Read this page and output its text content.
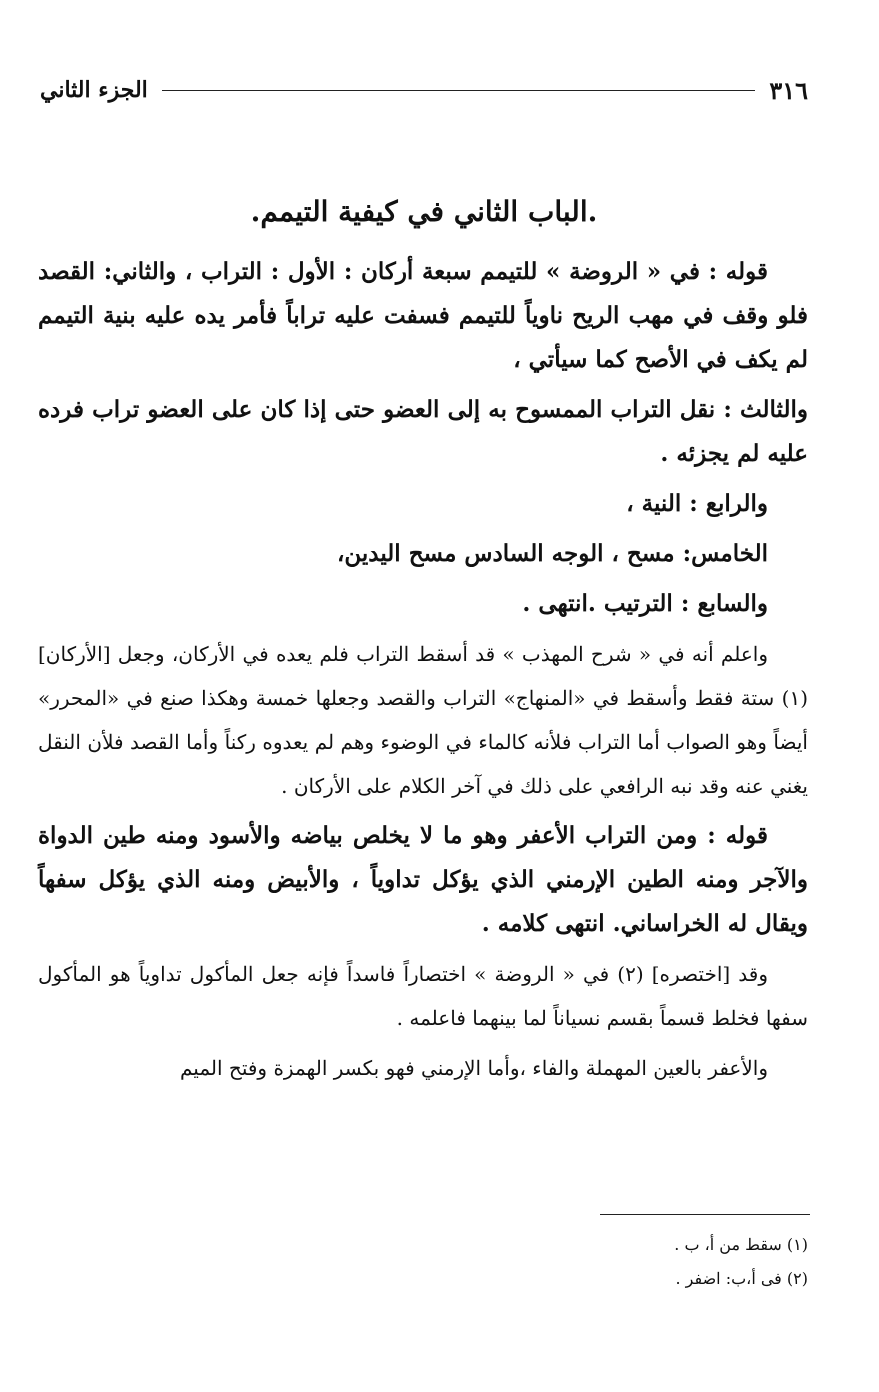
٣١٦
الجزء الثاني
.الباب الثاني في كيفية التيمم.

قوله : في « الروضة » للتيمم سبعة أركان : الأول : التراب ، والثاني: القصد فلو وقف في مهب الريح ناوياً للتيمم فسفت عليه تراباً فأمر يده عليه بنية التيمم لم يكف في الأصح كما سيأتي ،

والثالث : نقل التراب الممسوح به إلى العضو حتى إذا كان على العضو تراب فرده عليه لم يجزئه .

والرابع : النية ،

الخامس: مسح ، الوجه السادس مسح اليدين،

والسابع : الترتيب .انتهى .

واعلم أنه في « شرح المهذب » قد أسقط التراب فلم يعده في الأركان، وجعل [الأركان] (١) ستة فقط وأسقط في «المنهاج» التراب والقصد وجعلها خمسة وهكذا صنع في «المحرر» أيضاً وهو الصواب أما التراب فلأنه كالماء في الوضوء وهم لم يعدوه ركناً وأما القصد فلأن النقل يغني عنه وقد نبه الرافعي على ذلك في آخر الكلام على الأركان .

قوله : ومن التراب الأعفر وهو ما لا يخلص بياضه والأسود ومنه طين الدواة والآجر ومنه الطين الإرمني الذي يؤكل تداوياً ، والأبيض ومنه الذي يؤكل سفهاً ويقال له الخراساني. انتهى كلامه .

وقد [اختصره] (٢) في « الروضة » اختصاراً فاسداً فإنه جعل المأكول تداوياً هو المأكول سفها فخلط قسماً بقسم نسياناً لما بينهما فاعلمه .

والأعفر بالعين المهملة والفاء ،وأما الإرمني فهو بكسر الهمزة وفتح الميم

(١) سقط من أ، ب .

(٢) فى أ،ب: اضفر .
